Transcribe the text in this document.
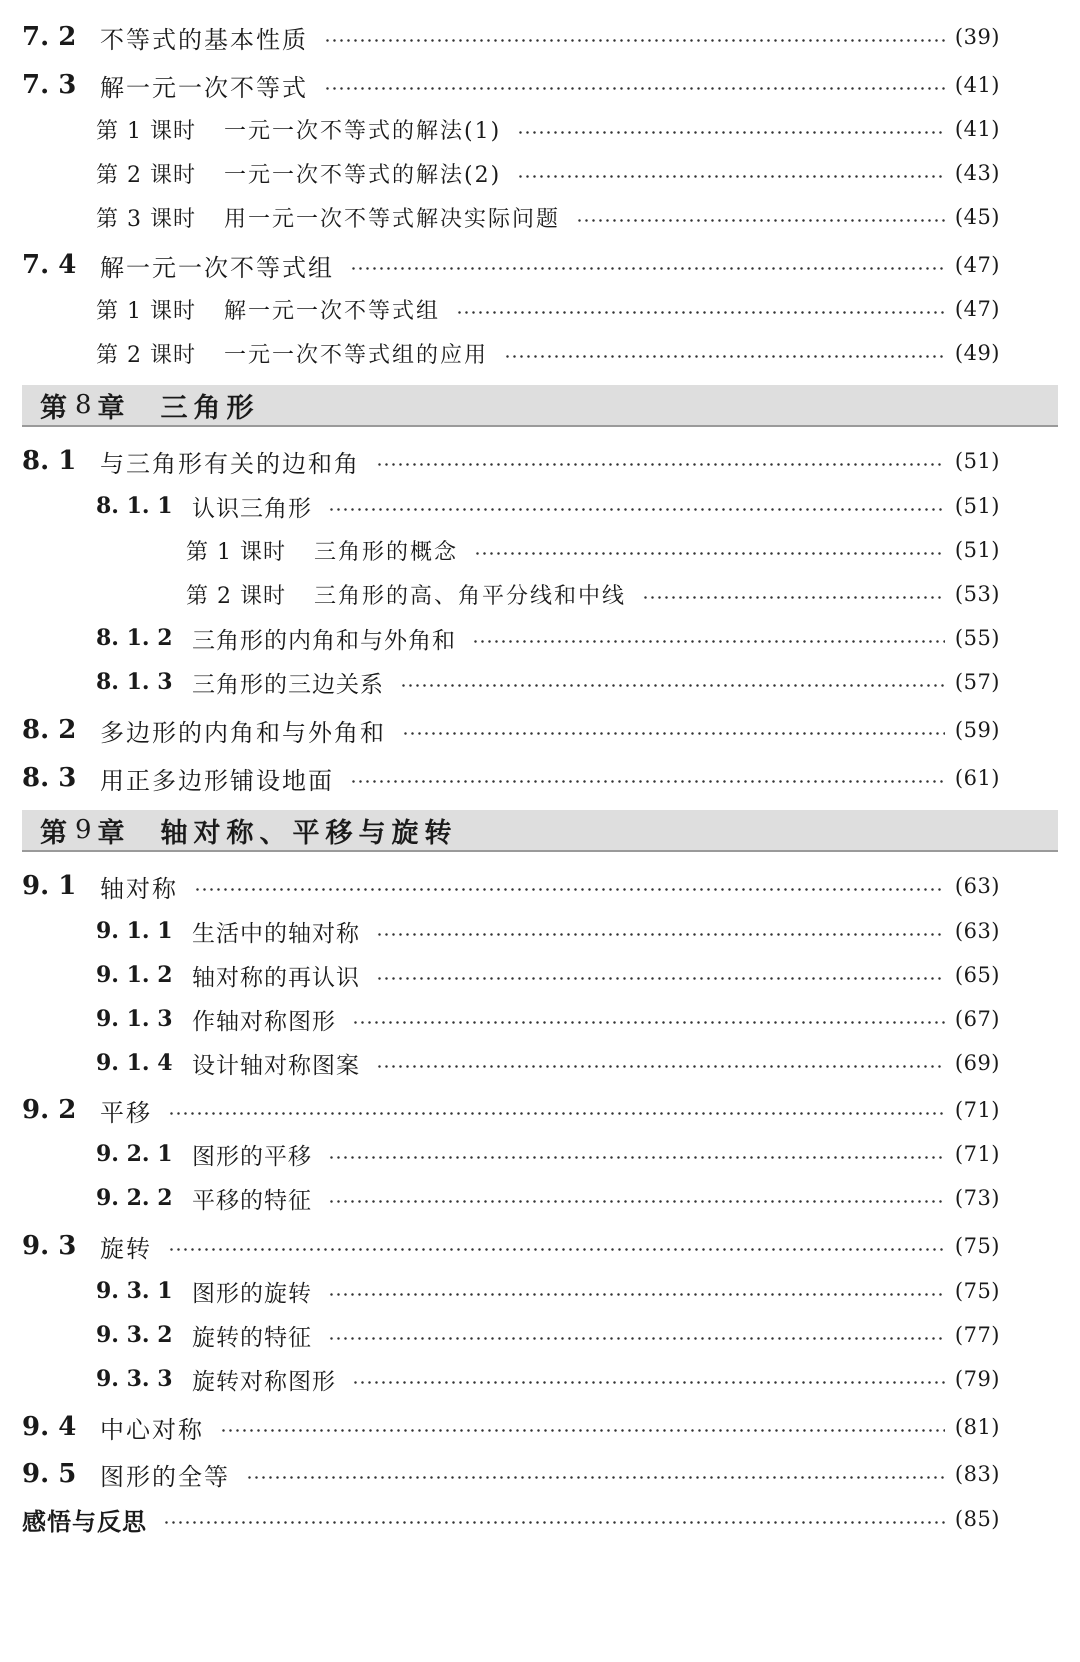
7. 2 不等式的基本性质	(39)
7. 3 解一元一次不等式	(41)
第 1 课时 一元一次不等式的解法(1)	(41)
第 2 课时 一元一次不等式的解法(2)	(43)
第 3 课时 用一元一次不等式解决实际问题	(45)
7. 4 解一元一次不等式组	(47)
第 1 课时 解一元一次不等式组	(47)
第 2 课时 一元一次不等式组的应用	(49)
8. 1 与三角形有关的边和角	(51)
8. 1. 1 认识三角形	(51)
第 1 课时 三角形的概念	(51)
第 2 课时 三角形的高、角平分线和中线	(53)
8. 1. 2 三角形的内角和与外角和	(55)
8. 1. 3 三角形的三边关系	(57)
8. 2 多边形的内角和与外角和	(59)
8. 3 用正多边形铺设地面	(61)
9. 1 轴对称	(63)
9. 1. 1 生活中的轴对称	(63)
9. 1. 2 轴对称的再认识	(65)
9. 1. 3 作轴对称图形	(67)
9. 1. 4 设计轴对称图案	(69)
9. 2 平移	(71)
9. 2. 1 图形的平移	(71)
9. 2. 2 平移的特征	(73)
9. 3 旋转	(75)
9. 3. 1 图形的旋转	(75)
9. 3. 2 旋转的特征	(77)
9. 3. 3 旋转对称图形	(79)
9. 4 中心对称	(81)
9. 5 图形的全等	(83)
感悟与反思	(85)
第 8 章 三角形
第 9 章 轴对称、平移与旋转
